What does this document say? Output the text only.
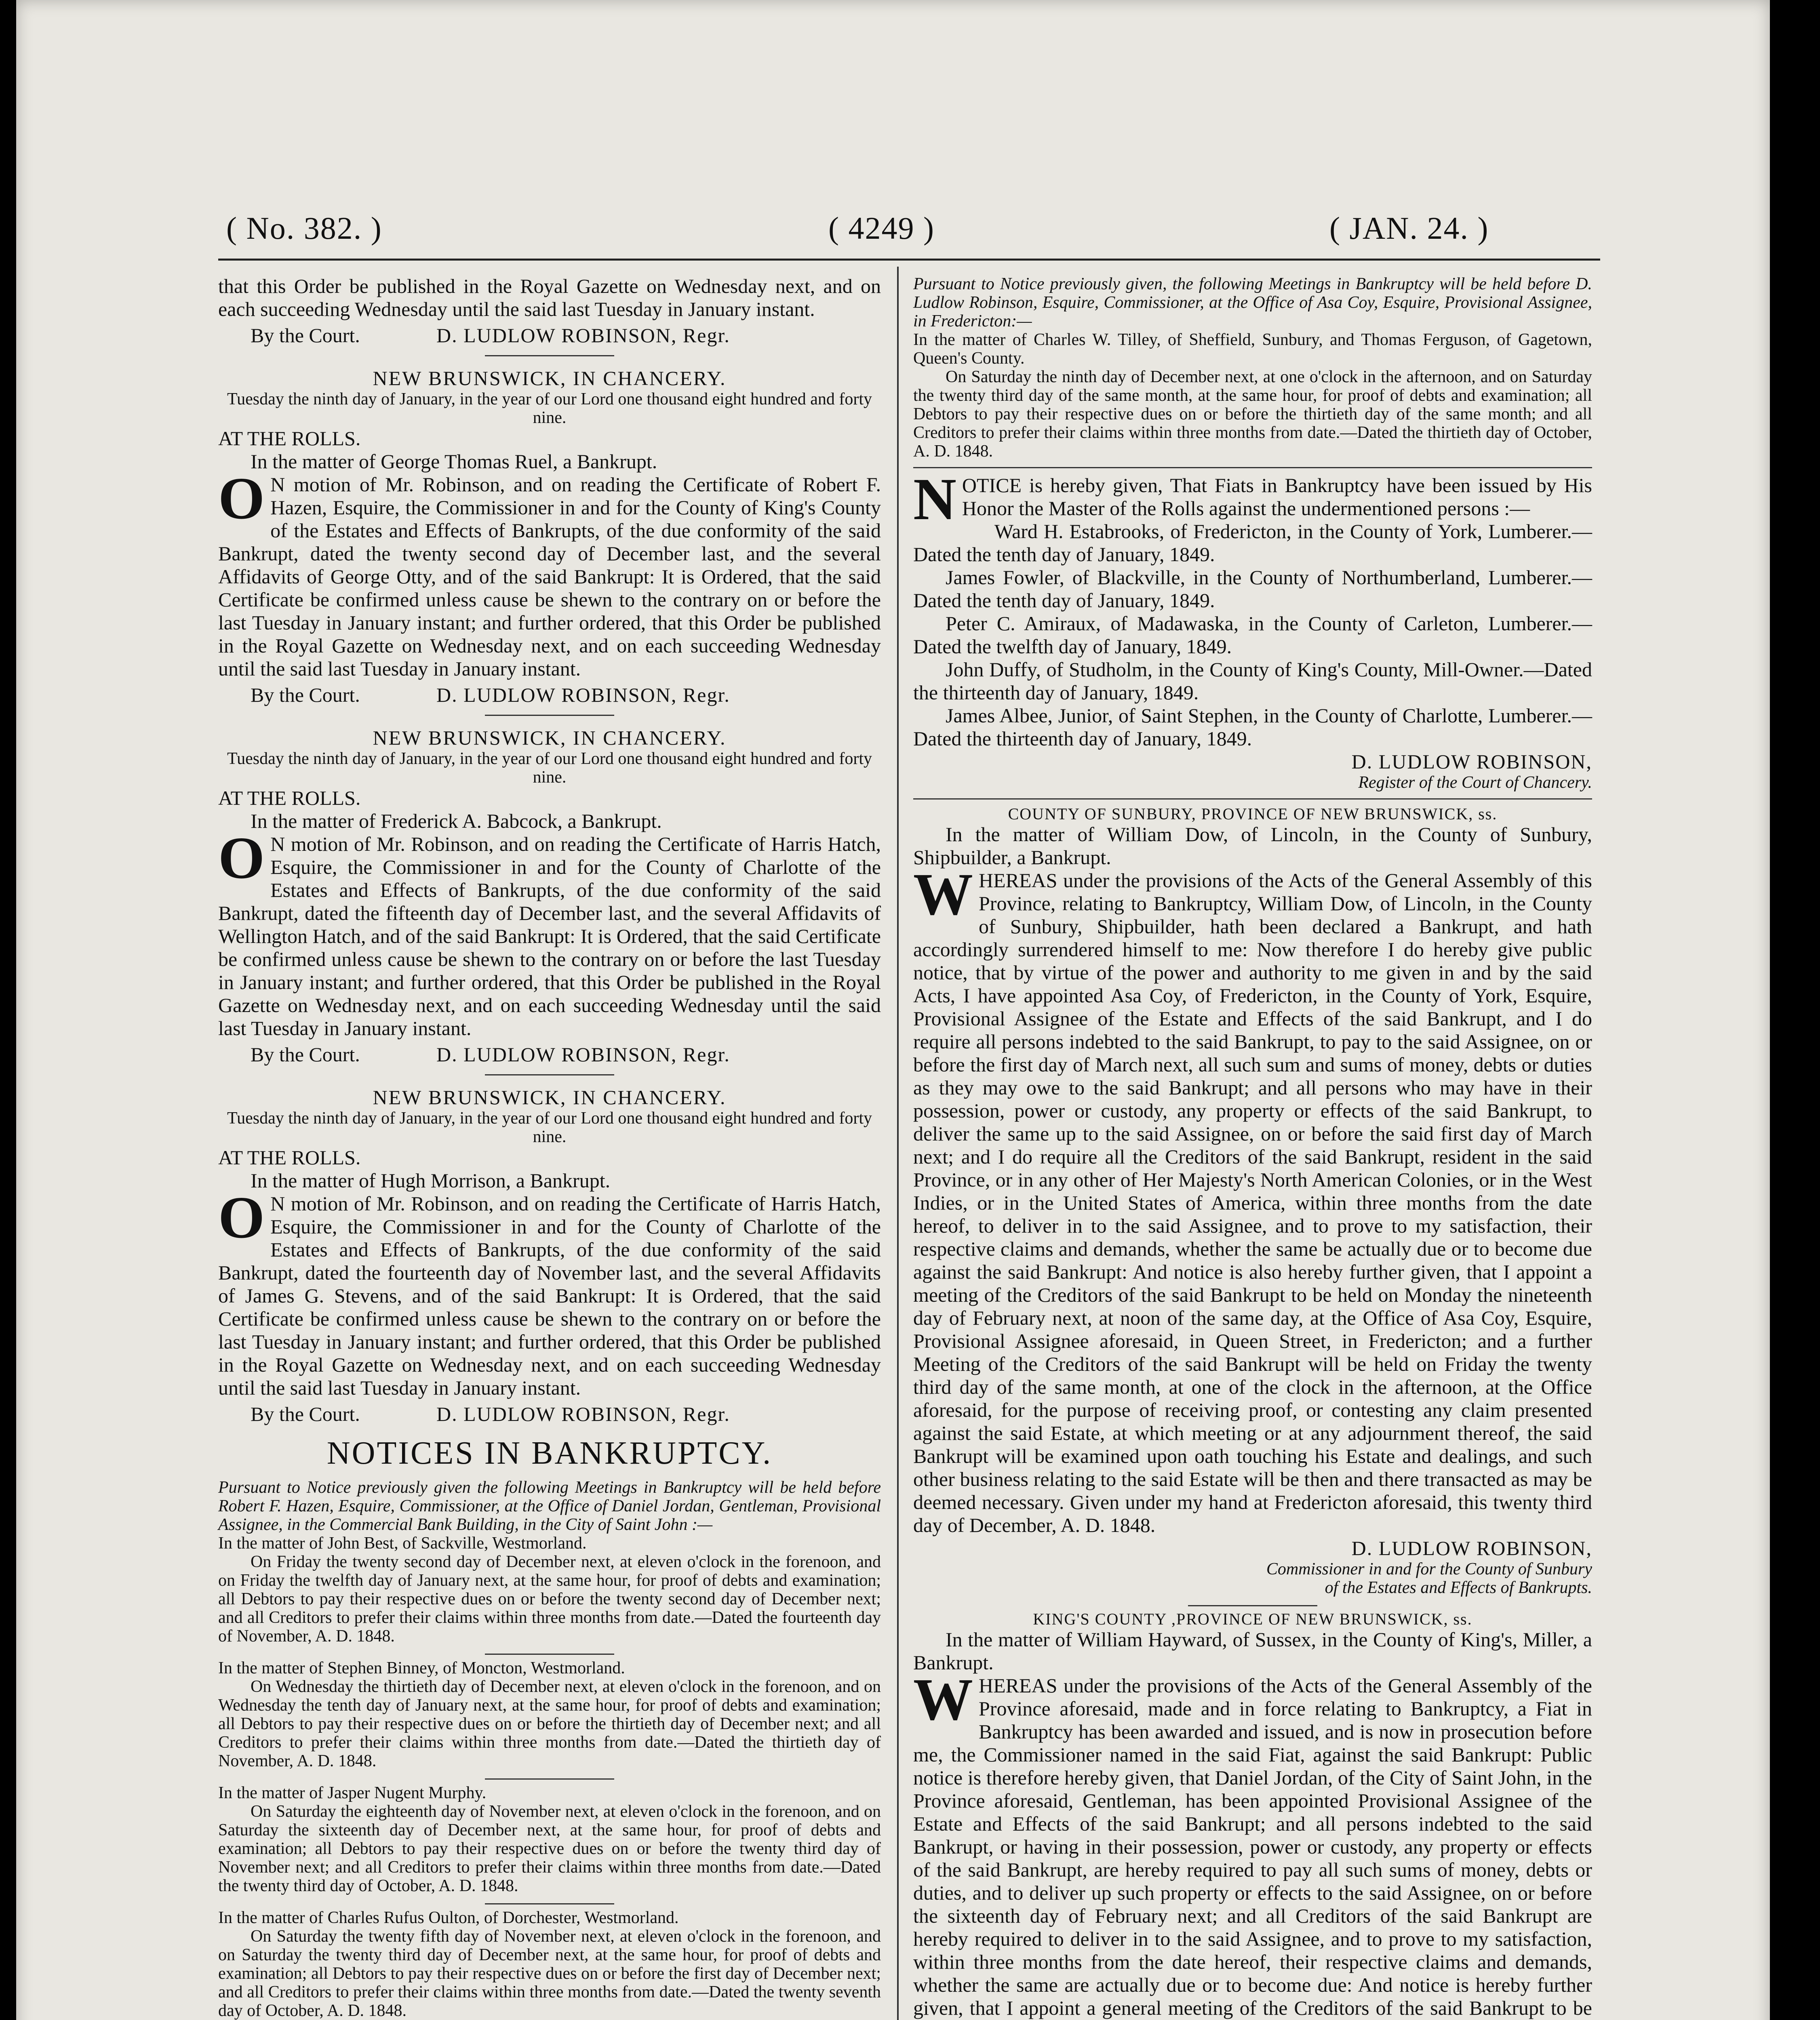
( No. 382. )	( 4249 )	( JAN. 24. )

that this Order be published in the Royal Gazette on Wednesday next, and on each succeeding Wednesday until the said last Tuesday in January instant.

By the Court.	D. LUDLOW ROBINSON, Regr.

NEW BRUNSWICK, IN CHANCERY.

Tuesday the ninth day of January, in the year of our Lord one thousand eight hundred and forty nine.

AT THE ROLLS.

In the matter of George Thomas Ruel, a Bankrupt.

O N motion of Mr. Robinson, and on reading the Certificate of Robert F. Hazen, Esquire, the Commissioner in and for the County of King's County of the Estates and Effects of Bankrupts, of the due conformity of the said Bankrupt, dated the twenty second day of December last, and the several Affidavits of George Otty, and of the said Bankrupt: It is Ordered, that the said Certificate be confirmed unless cause be shewn to the contrary on or before the last Tuesday in January instant; and further ordered, that this Order be published in the Royal Gazette on Wednesday next, and on each succeeding Wednesday until the said last Tuesday in January instant.

By the Court.	D. LUDLOW ROBINSON, Regr.

NEW BRUNSWICK, IN CHANCERY.

Tuesday the ninth day of January, in the year of our Lord one thousand eight hundred and forty nine.

AT THE ROLLS.

In the matter of Frederick A. Babcock, a Bankrupt.

O N motion of Mr. Robinson, and on reading the Certificate of Harris Hatch, Esquire, the Commissioner in and for the County of Charlotte of the Estates and Effects of Bankrupts, of the due conformity of the said Bankrupt, dated the fifteenth day of December last, and the several Affidavits of Wellington Hatch, and of the said Bankrupt: It is Ordered, that the said Certificate be confirmed unless cause be shewn to the contrary on or before the last Tuesday in January instant; and further ordered, that this Order be published in the Royal Gazette on Wednesday next, and on each succeeding Wednesday until the said last Tuesday in January instant.

By the Court.	D. LUDLOW ROBINSON, Regr.

NEW BRUNSWICK, IN CHANCERY.

Tuesday the ninth day of January, in the year of our Lord one thousand eight hundred and forty nine.

AT THE ROLLS.

In the matter of Hugh Morrison, a Bankrupt.

O N motion of Mr. Robinson, and on reading the Certificate of Harris Hatch, Esquire, the Commissioner in and for the County of Charlotte of the Estates and Effects of Bankrupts, of the due conformity of the said Bankrupt, dated the fourteenth day of November last, and the several Affidavits of James G. Stevens, and of the said Bankrupt: It is Ordered, that the said Certificate be confirmed unless cause be shewn to the contrary on or before the last Tuesday in January instant; and further ordered, that this Order be published in the Royal Gazette on Wednesday next, and on each succeeding Wednesday until the said last Tuesday in January instant.

By the Court.	D. LUDLOW ROBINSON, Regr.

NOTICES IN BANKRUPTCY.

Pursuant to Notice previously given the following Meetings in Bankruptcy will be held before Robert F. Hazen, Esquire, Commissioner, at the Office of Daniel Jordan, Gentleman, Provisional Assignee, in the Commercial Bank Building, in the City of Saint John :—

In the matter of John Best, of Sackville, Westmorland.

On Friday the twenty second day of December next, at eleven o'clock in the forenoon, and on Friday the twelfth day of January next, at the same hour, for proof of debts and examination; all Debtors to pay their respective dues on or before the twenty second day of December next; and all Creditors to prefer their claims within three months from date.—Dated the fourteenth day of November, A. D. 1848.

In the matter of Stephen Binney, of Moncton, Westmorland.

On Wednesday the thirtieth day of December next, at eleven o'clock in the forenoon, and on Wednesday the tenth day of January next, at the same hour, for proof of debts and examination; all Debtors to pay their respective dues on or before the thirtieth day of December next; and all Creditors to prefer their claims within three months from date.—Dated the thirtieth day of November, A. D. 1848.

In the matter of Jasper Nugent Murphy.

On Saturday the eighteenth day of November next, at eleven o'clock in the forenoon, and on Saturday the sixteenth day of December next, at the same hour, for proof of debts and examination; all Debtors to pay their respective dues on or before the twenty third day of November next; and all Creditors to prefer their claims within three months from date.—Dated the twenty third day of October, A. D. 1848.

In the matter of Charles Rufus Oulton, of Dorchester, Westmorland.

On Saturday the twenty fifth day of November next, at eleven o'clock in the forenoon, and on Saturday the twenty third day of December next, at the same hour, for proof of debts and examination; all Debtors to pay their respective dues on or before the first day of December next; and all Creditors to prefer their claims within three months from date.—Dated the twenty seventh day of October, A. D. 1848.

Pursuant to Notice previously given, the following Meetings in Bankruptcy will be held before D. Ludlow Robinson, Esquire, Commissioner, at the Office of Asa Coy, Esquire, Provisional Assignee, in Fredericton:—

In the matter of Charles W. Tilley, of Sheffield, Sunbury, and Thomas Ferguson, of Gagetown, Queen's County.

On Saturday the ninth day of December next, at one o'clock in the afternoon, and on Saturday the twenty third day of the same month, at the same hour, for proof of debts and examination; all Debtors to pay their respective dues on or before the thirtieth day of the same month; and all Creditors to prefer their claims within three months from date.—Dated the thirtieth day of October, A. D. 1848.

NOTICE is hereby given, That Fiats in Bankruptcy have been issued by His Honor the Master of the Rolls against the undermentioned persons :—

Ward H. Estabrooks, of Fredericton, in the County of York, Lumberer.—Dated the tenth day of January, 1849.

James Fowler, of Blackville, in the County of Northumberland, Lumberer.—Dated the tenth day of January, 1849.

Peter C. Amiraux, of Madawaska, in the County of Carleton, Lumberer.—Dated the twelfth day of January, 1849.

John Duffy, of Studholm, in the County of King's County, Mill-Owner.—Dated the thirteenth day of January, 1849.

James Albee, Junior, of Saint Stephen, in the County of Charlotte, Lumberer.—Dated the thirteenth day of January, 1849.

D. LUDLOW ROBINSON,

Register of the Court of Chancery.

COUNTY OF SUNBURY, PROVINCE OF NEW BRUNSWICK, ss.

In the matter of William Dow, of Lincoln, in the County of Sunbury, Shipbuilder, a Bankrupt.

WHEREAS under the provisions of the Acts of the General Assembly of this Province, relating to Bankruptcy, William Dow, of Lincoln, in the County of Sunbury, Shipbuilder, hath been declared a Bankrupt, and hath accordingly surrendered himself to me: Now therefore I do hereby give public notice, that by virtue of the power and authority to me given in and by the said Acts, I have appointed Asa Coy, of Fredericton, in the County of York, Esquire, Provisional Assignee of the Estate and Effects of the said Bankrupt, and I do require all persons indebted to the said Bankrupt, to pay to the said Assignee, on or before the first day of March next, all such sum and sums of money, debts or duties as they may owe to the said Bankrupt; and all persons who may have in their possession, power or custody, any property or effects of the said Bankrupt, to deliver the same up to the said Assignee, on or before the said first day of March next; and I do require all the Creditors of the said Bankrupt, resident in the said Province, or in any other of Her Majesty's North American Colonies, or in the West Indies, or in the United States of America, within three months from the date hereof, to deliver in to the said Assignee, and to prove to my satisfaction, their respective claims and demands, whether the same be actually due or to become due against the said Bankrupt: And notice is also hereby further given, that I appoint a meeting of the Creditors of the said Bankrupt to be held on Monday the nineteenth day of February next, at noon of the same day, at the Office of Asa Coy, Esquire, Provisional Assignee aforesaid, in Queen Street, in Fredericton; and a further Meeting of the Creditors of the said Bankrupt will be held on Friday the twenty third day of the same month, at one of the clock in the afternoon, at the Office aforesaid, for the purpose of receiving proof, or contesting any claim presented against the said Estate, at which meeting or at any adjournment thereof, the said Bankrupt will be examined upon oath touching his Estate and dealings, and such other business relating to the said Estate will be then and there transacted as may be deemed necessary. Given under my hand at Fredericton aforesaid, this twenty third day of December, A. D. 1848.

D. LUDLOW ROBINSON,

Commissioner in and for the County of Sunbury

of the Estates and Effects of Bankrupts.

KING'S COUNTY ,PROVINCE OF NEW BRUNSWICK, ss.

In the matter of William Hayward, of Sussex, in the County of King's, Miller, a Bankrupt.

WHEREAS under the provisions of the Acts of the General Assembly of the Province aforesaid, made and in force relating to Bankruptcy, a Fiat in Bankruptcy has been awarded and issued, and is now in prosecution before me, the Commissioner named in the said Fiat, against the said Bankrupt: Public notice is therefore hereby given, that Daniel Jordan, of the City of Saint John, in the Province aforesaid, Gentleman, has been appointed Provisional Assignee of the Estate and Effects of the said Bankrupt; and all persons indebted to the said Bankrupt, or having in their possession, power or custody, any property or effects of the said Bankrupt, are hereby required to pay all such sums of money, debts or duties, and to deliver up such property or effects to the said Assignee, on or before the sixteenth day of February next; and all Creditors of the said Bankrupt are hereby required to deliver in to the said Assignee, and to prove to my satisfaction, within three months from the date hereof, their respective claims and demands, whether the same are actually due or to become due: And notice is hereby further given, that I appoint a general meeting of the Creditors of the said Bankrupt to be
